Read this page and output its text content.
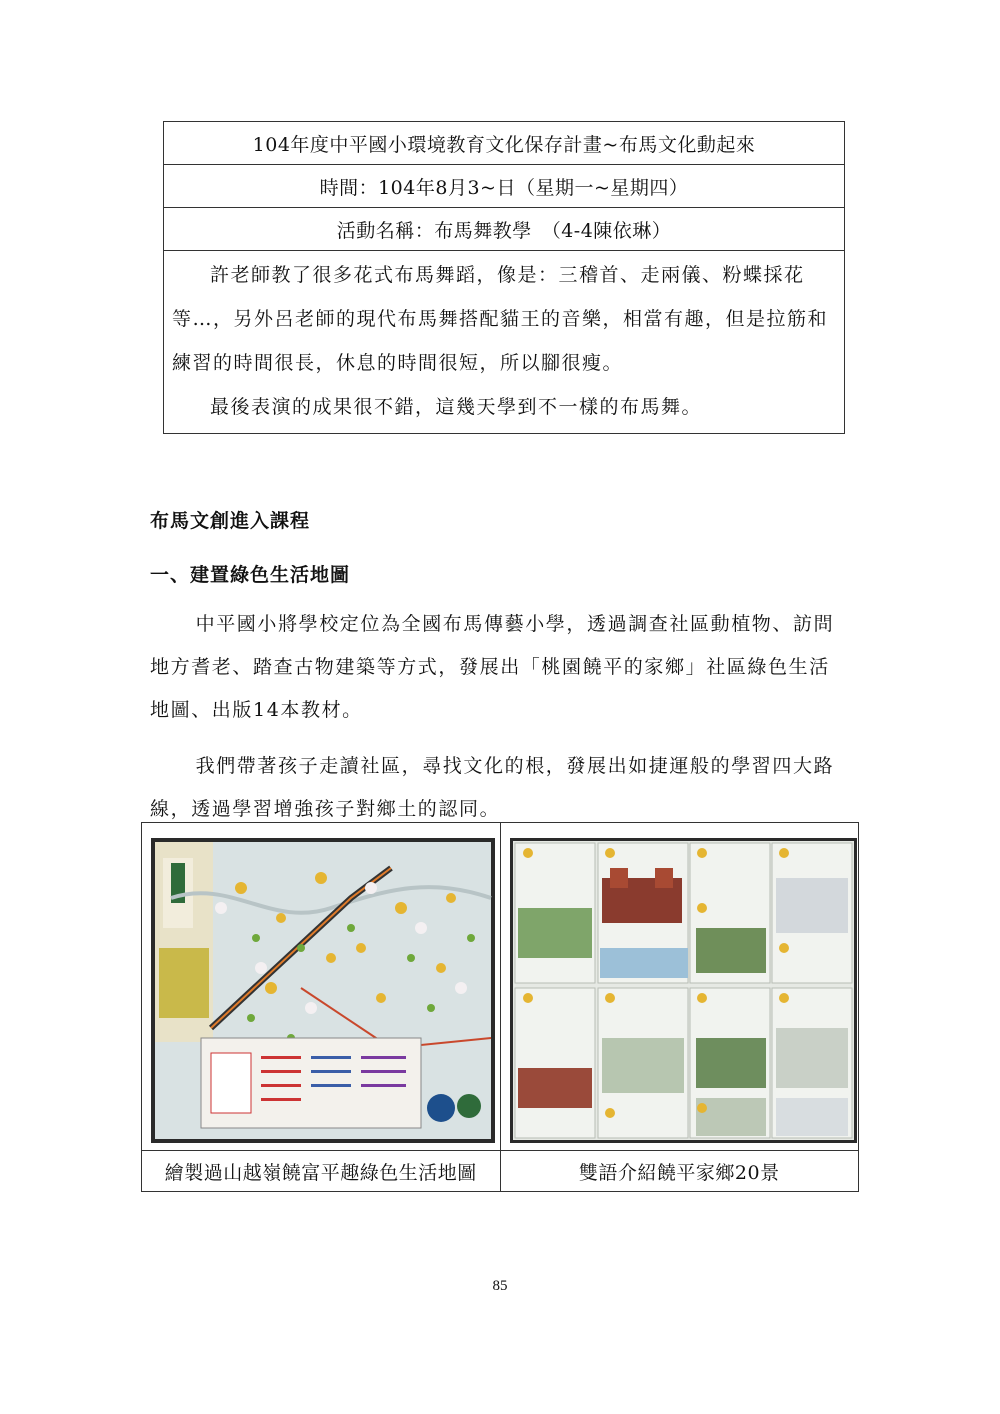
104年度中平國小環境教育文化保存計畫~布馬文化動起來
時間：104年8月3~日（星期一~星期四）
活動名稱：布馬舞教學　（4-4陳依琳）

許老師教了很多花式布馬舞蹈，像是：三稽首、走兩儀、粉蝶採花等…，另外呂老師的現代布馬舞搭配貓王的音樂，相當有趣，但是拉筋和練習的時間很長，休息的時間很短，所以腳很瘦。
最後表演的成果很不錯，這幾天學到不一樣的布馬舞。
布馬文創進入課程
一、建置綠色生活地圖

中平國小將學校定位為全國布馬傳藝小學，透過調查社區動植物、訪問地方耆老、踏查古物建築等方式，發展出「桃園饒平的家鄉」社區綠色生活地圖、出版14本教材。

我們帶著孩子走讀社區，尋找文化的根，發展出如捷運般的學習四大路線，透過學習增強孩子對鄉土的認同。

繪製過山越嶺饒富平趣綠色生活地圖	雙語介紹饒平家鄉20景
85
